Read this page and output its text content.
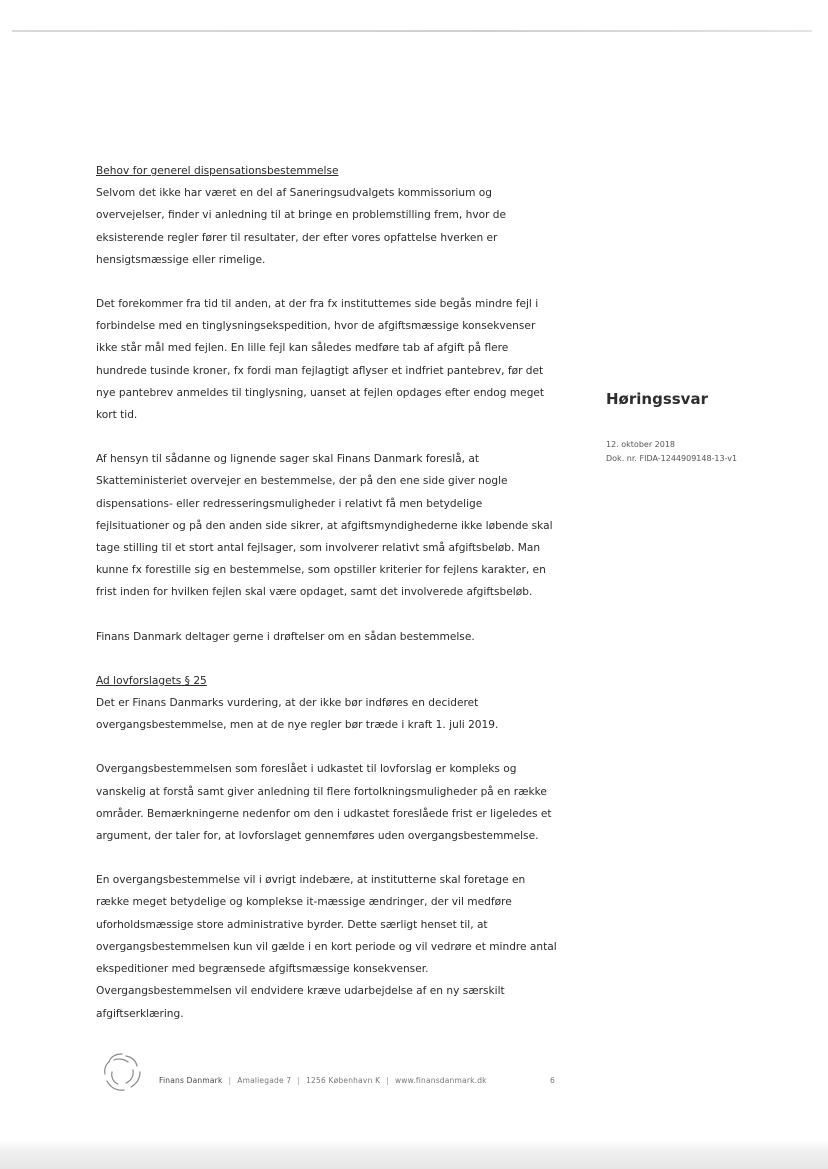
Behov for generel dispensationsbestemmelse

Selvom det ikke har været en del af Saneringsudvalgets kommissorium og overvejelser, finder vi anledning til at bringe en problemstilling frem, hvor de eksisterende regler fører til resultater, der efter vores opfattelse hverken er hensigtsmæssige eller rimelige.

Det forekommer fra tid til anden, at der fra fx instituttemes side begås mindre fejl i forbindelse med en tinglysningsekspedition, hvor de afgiftsmæssige konsekvenser ikke står mål med fejlen. En lille fejl kan således medføre tab af afgift på flere hundrede tusinde kroner, fx fordi man fejlagtigt aflyser et indfriet pantebrev, før det nye pantebrev anmeldes til tinglysning, uanset at fejlen opdages efter endog meget kort tid.

Af hensyn til sådanne og lignende sager skal Finans Danmark foreslå, at Skatteministeriet overvejer en bestemmelse, der på den ene side giver nogle dispensations- eller redresseringsmuligheder i relativt få men betydelige fejlsituationer og på den anden side sikrer, at afgiftsmyndighederne ikke løbende skal tage stilling til et stort antal fejlsager, som involverer relativt små afgiftsbeløb. Man kunne fx forestille sig en bestemmelse, som opstiller kriterier for fejlens karakter, en frist inden for hvilken fejlen skal være opdaget, samt det involverede afgiftsbeløb.

Finans Danmark deltager gerne i drøftelser om en sådan bestemmelse.

Ad lovforslagets § 25

Det er Finans Danmarks vurdering, at der ikke bør indføres en decideret overgangsbestemmelse, men at de nye regler bør træde i kraft 1. juli 2019.

Overgangsbestemmelsen som foreslået i udkastet til lovforslag er kompleks og vanskelig at forstå samt giver anledning til flere fortolkningsmuligheder på en række områder. Bemærkningerne nedenfor om den i udkastet foreslåede frist er ligeledes et argument, der taler for, at lovforslaget gennemføres uden overgangsbestemmelse.

En overgangsbestemmelse vil i øvrigt indebære, at institutterne skal foretage en række meget betydelige og komplekse it-mæssige ændringer, der vil medføre uforholdsmæssige store administrative byrder. Dette særligt henset til, at overgangsbestemmelsen kun vil gælde i en kort periode og vil vedrøre et mindre antal ekspeditioner med begrænsede afgiftsmæssige konsekvenser. Overgangsbestemmelsen vil endvidere kræve udarbejdelse af en ny særskilt afgiftserklæring.

Høringssvar
12. oktober 2018
Dok. nr. FIDA-1244909148-13-v1
Finans Danmark | Amaliegade 7 | 1256 København K | www.finansdanmark.dk	6
